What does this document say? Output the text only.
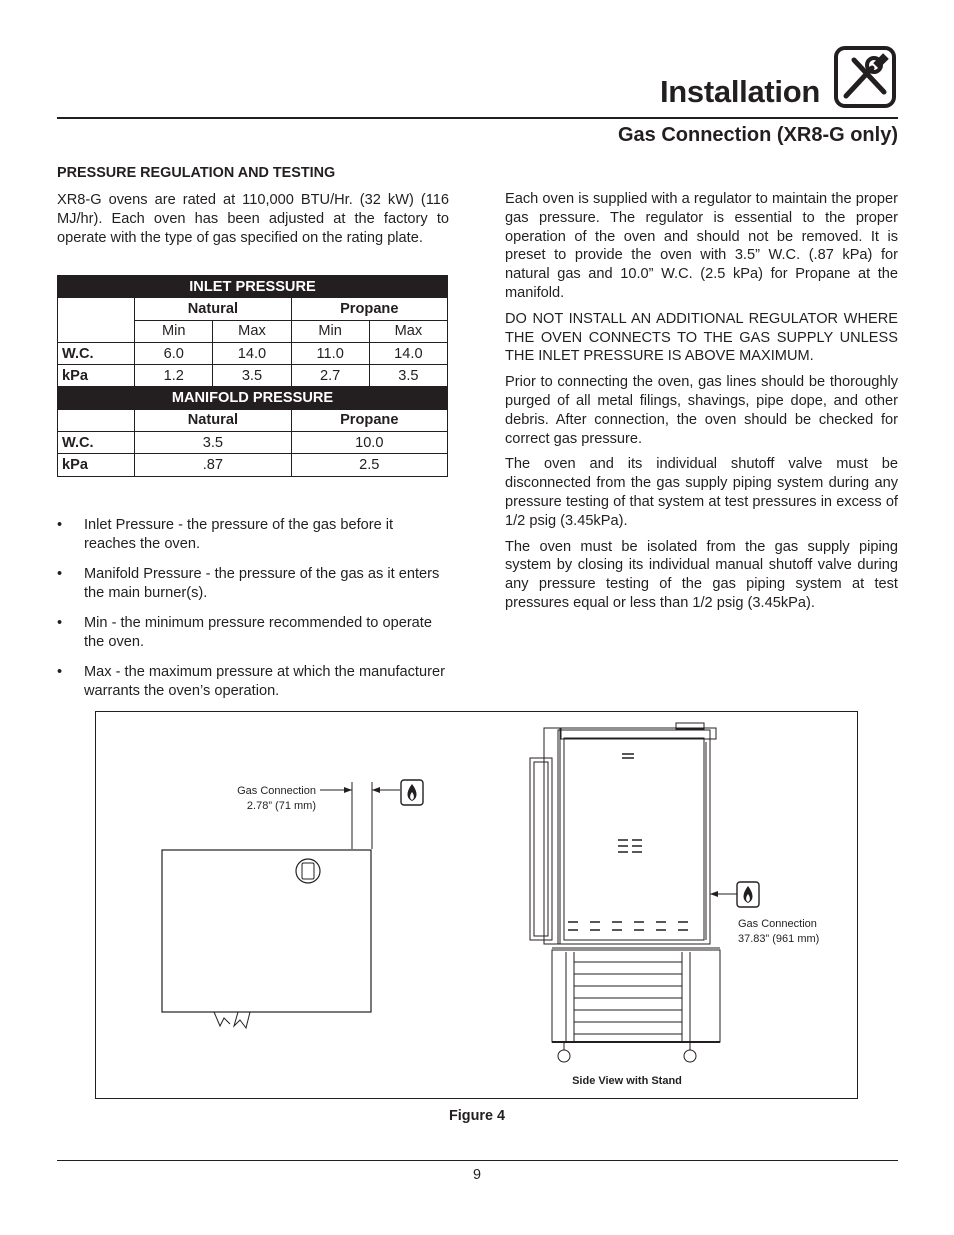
Installation
Gas Connection (XR8-G only)

PRESSURE REGULATION AND TESTING

XR8-G ovens are rated at 110,000 BTU/Hr. (32 kW) (116 MJ/hr). Each oven has been adjusted at the factory to operate with the type of gas specified on the rating plate.

INLET PRESSURE				
	Natural		Propane	
	Min	Max	Min	Max
W.C.	6.0	14.0	11.0	14.0
kPa	1.2	3.5	2.7	3.5
MANIFOLD PRESSURE				
	Natural		Propane	
W.C.	3.5		10.0	
kPa	.87		2.5	
• Inlet Pressure - the pressure of the gas before it reaches the oven.
• Manifold Pressure - the pressure of the gas as it enters the main burner(s).
• Min - the minimum pressure recommended to operate the oven.
• Max - the maximum pressure at which the manufacturer warrants the oven’s operation.

Each oven is supplied with a regulator to maintain the proper gas pressure. The regulator is essential to the proper operation of the oven and should not be removed. It is preset to provide the oven with 3.5” W.C. (.87 kPa) for natural gas and 10.0” W.C. (2.5 kPa) for Propane at the manifold.

DO NOT INSTALL AN ADDITIONAL REGULATOR WHERE THE OVEN CONNECTS TO THE GAS SUPPLY UNLESS THE INLET PRESSURE IS ABOVE MAXIMUM.

Prior to connecting the oven, gas lines should be thoroughly purged of all metal filings, shavings, pipe dope, and other debris. After connection, the oven should be checked for correct gas pressure.

The oven and its individual shutoff valve must be disconnected from the gas supply piping system during any pressure testing of that system at test pressures in excess of 1/2 psig (3.45kPa).

The oven must be isolated from the gas supply piping system by closing its individual manual shutoff valve during any pressure testing of the gas piping system at test pressures equal or less than 1/2 psig (3.45kPa).

Gas Connection
2.78” (71 mm)
Gas Connection
37.83” (961 mm)
Side View with Stand
Figure 4
9
